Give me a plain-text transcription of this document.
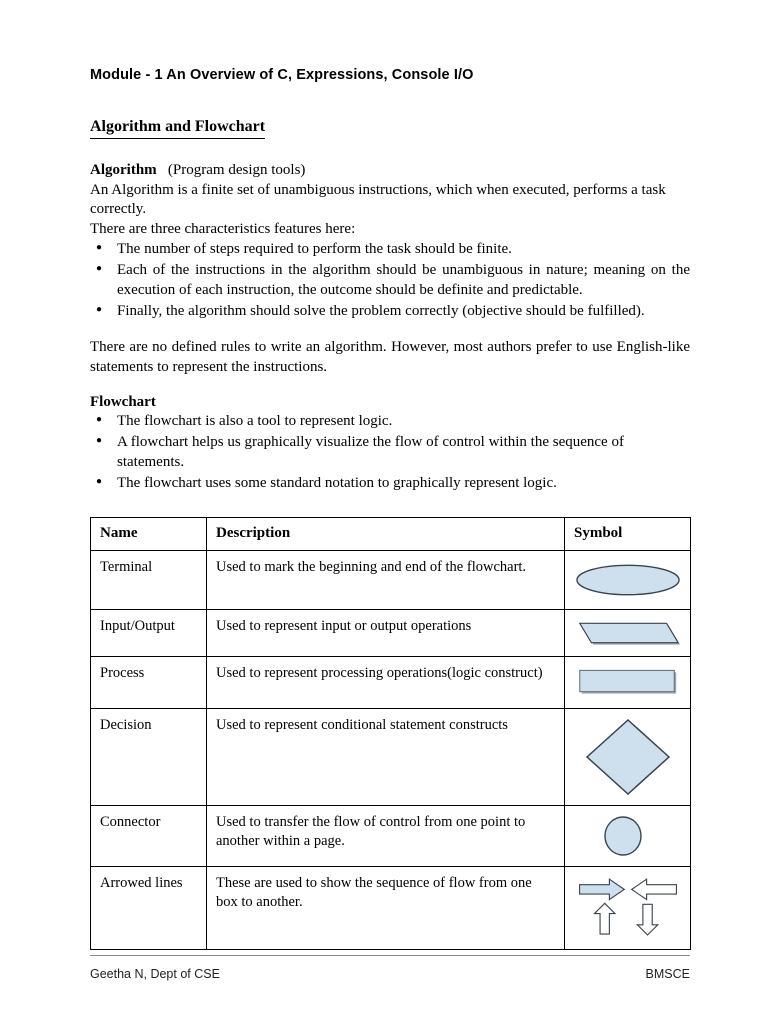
Module - 1 An Overview of C, Expressions, Console I/O
Algorithm and Flowchart
Algorithm (Program design tools)

An Algorithm is a finite set of unambiguous instructions, which when executed, performs a task correctly.

There are three characteristics features here:

● The number of steps required to perform the task should be finite.
● Each of the instructions in the algorithm should be unambiguous in nature; meaning on the execution of each instruction, the outcome should be definite and predictable.
● Finally, the algorithm should solve the problem correctly (objective should be fulfilled).

There are no defined rules to write an algorithm. However, most authors prefer to use English-like statements to represent the instructions.

Flowchart
● The flowchart is also a tool to represent logic.
● A flowchart helps us graphically visualize the flow of control within the sequence of statements.
● The flowchart uses some standard notation to graphically represent logic.
Name	Description	Symbol
Terminal	Used to mark the beginning and end of the flowchart.	

Input/Output	Used to represent input or output operations	

Process	Used to represent processing operations(logic construct)	

Decision	Used to represent conditional statement constructs	

Connector	Used to transfer the flow of control from one point to another within a page.	

Arrowed lines	These are used to show the sequence of flow from one box to another.	
Geetha N, Dept of CSE	BMSCE
